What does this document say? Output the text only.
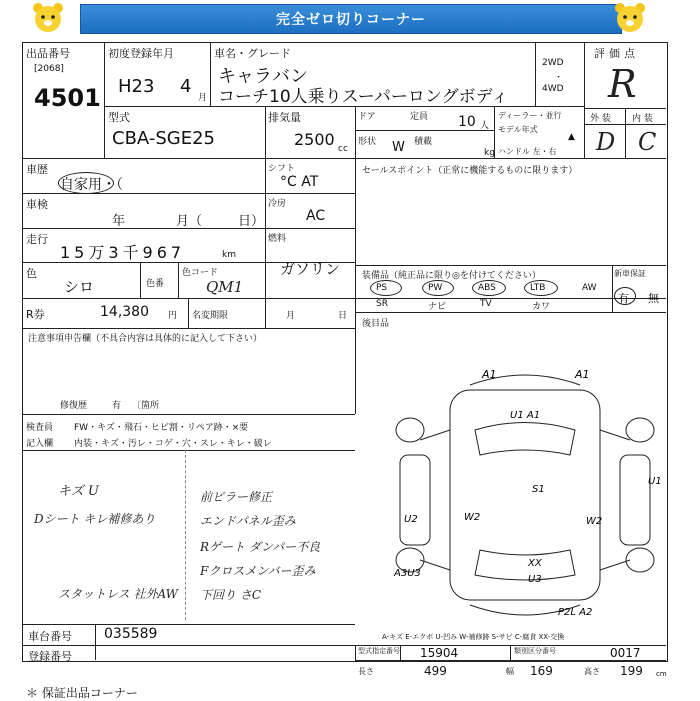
完全ゼロ切りコーナー
出品番号
[2068]
4501
初度登録年月
H23 4
月
車名・グレード
キャラバン
コーチ10人乗りスーパーロングボディ
2WD
・
4WD
評価点
R
外 装 内 装
D C
型式
CBA-SGE25
排気量
2500 cc
ドア	定員 10 人
形状 W 積載
kg
ディーラー・並行
モデル年式
▲
ハンドル 左・右
車歴
自家用・（
シフト
°C AT
車検
年	月（	日）
冷房
AC
走行
15万3千967	km
燃料
ガソリン
色
シロ	色番
色コード
QM1
R券	14,380 円 名変期限	月	日
セールスポイント（正常に機能するものに限ります）
装備品（純正品に限り◎を付けてください）
PS	PW	ABS	LTB	AW
SR	ナビ	TV	カワ
新車保証
有 無
後目品
注意事項申告欄（不具合内容は具体的に記入して下さい）
修復歴	有 〔箇所
検査員
記入欄
FW・キズ・飛石・ヒビ割・リペア跡・×要
内装・キズ・汚レ・コゲ・穴・スレ・キレ・破レ
キズ U
Dシート キレ補修あり
スタットレス 社外AW
前ピラー修正
エンドパネル歪み
Rゲート ダンパー不良
Fクロスメンバー歪み
下回り さC
A1	A1
U1 A1
U1
S1
W2
U2	W2
A3U3
XX
U3
P2L A2
A-キズ E-エクボ U-凹み W-補修跡 S-サビ C-腐食 XX-交換
車台番号 035589
登録番号	型式指定番号 15904	類別区分番号	0017
長さ	499	幅 169	高さ 199 cm
＊ 保証出品コーナー
